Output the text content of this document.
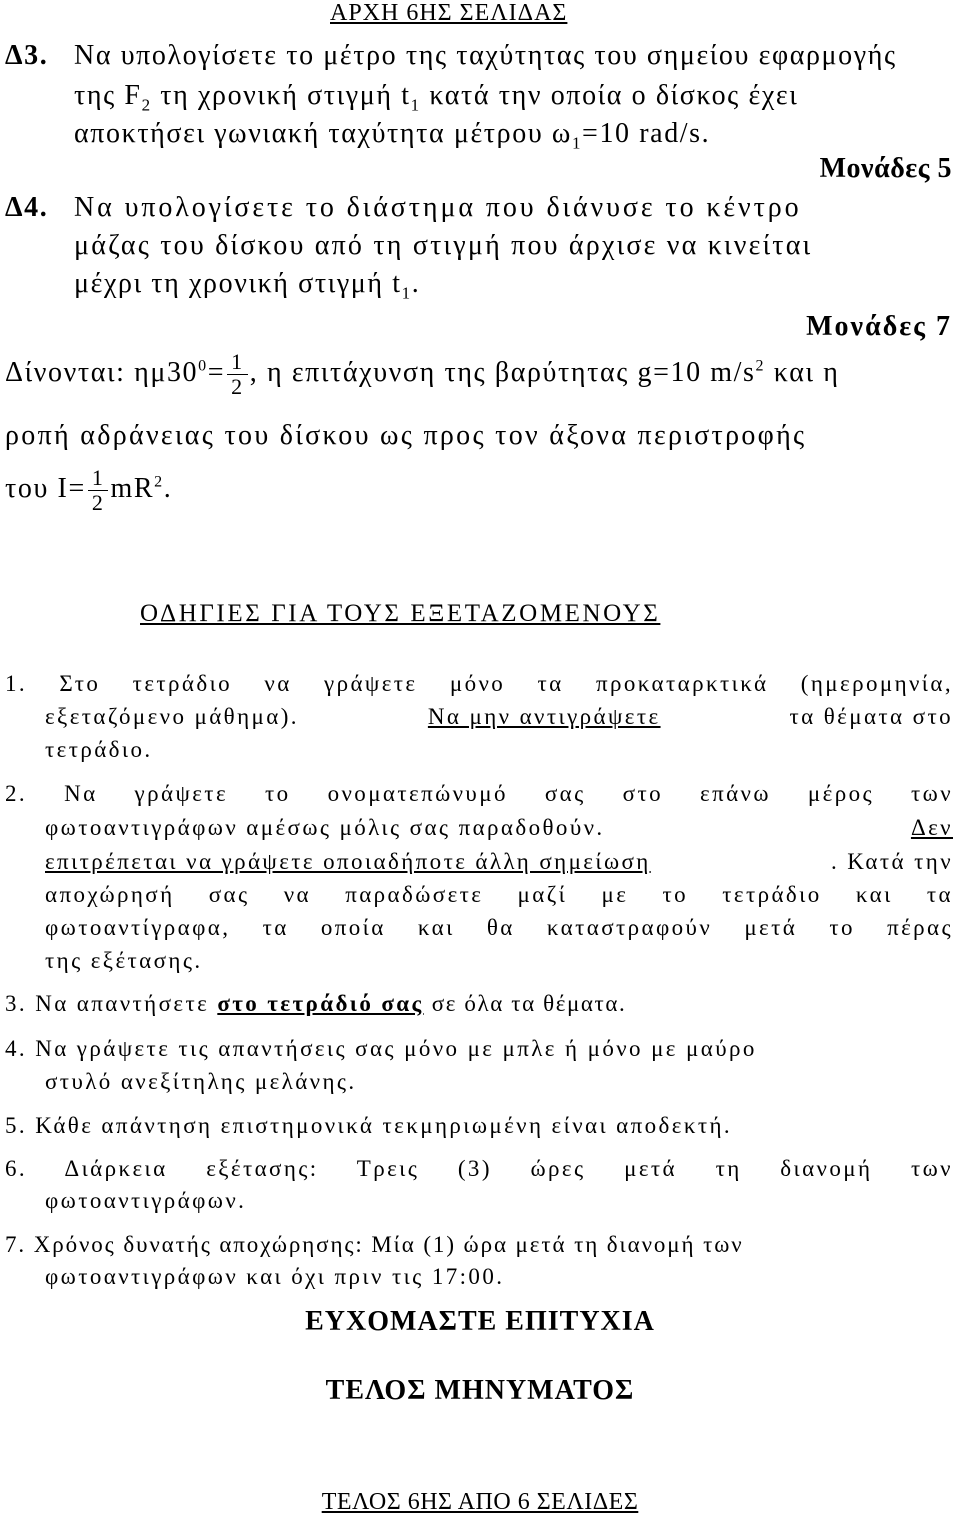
ΑΡΧΗ 6ΗΣ ΣΕΛΙΔΑΣ
Δ3. Να υπολογίσετε το μέτρο της ταχύτητας του σημείου εφαρμογής
της $F_2$ τη χρονική στιγμή $t_1$ κατά την οποία ο δίσκος έχει
αποκτήσει γωνιακή ταχύτητα μέτρου $\omega_1=10$ rad/s.
Μονάδες 5
Δ4. Να υπολογίσετε το διάστημα που διάνυσε το κέντρο
μάζας του δίσκου από τη στιγμή που άρχισε να κινείται
μέχρι τη χρονική στιγμή $t_1$.
Μονάδες 7
Δίνονται: $\eta\mu 30^0= \frac{1}{2}$ , η επιτάχυνση της βαρύτητας g=10 $m/s^2$ και η
ροπή αδράνειας του δίσκου ως προς τον άξονα περιστροφής
του $I= \frac{1}{2} mR^2$.
ΟΔΗΓΙΕΣ ΓΙΑ ΤΟΥΣ ΕΞΕΤΑΖΟΜΕΝΟΥΣ
1. Στο τετράδιο να γράψετε μόνο τα προκαταρκτικά (ημερομηνία,
εξεταζόμενο μάθημα).	Να μην αντιγράψετε	τα θέματα στο
τετράδιο.
2. Να γράψετε το ονοματεπώνυμό σας στο επάνω μέρος των
φωτοαντιγράφων αμέσως μόλις σας παραδοθούν.	Δεν
επιτρέπεται να γράψετε οποιαδήποτε άλλη σημείωση	. Κατά την
αποχώρησή σας να παραδώσετε μαζί με το τετράδιο και τα
φωτοαντίγραφα, τα οποία και θα καταστραφούν μετά το πέρας
της εξέτασης.
3. Να απαντήσετε στο τετράδιό σας σε όλα τα θέματα.
4. Να γράψετε τις απαντήσεις σας μόνο με μπλε ή μόνο με μαύρο
στυλό ανεξίτηλης μελάνης.
5. Κάθε απάντηση επιστημονικά τεκμηριωμένη είναι αποδεκτή.
6. Διάρκεια εξέτασης: Τρεις (3) ώρες μετά τη διανομή των
φωτοαντιγράφων.
7. Χρόνος δυνατής αποχώρησης: Μία (1) ώρα μετά τη διανομή των
φωτοαντιγράφων και όχι πριν τις 17:00.
ΕΥΧΟΜΑΣΤΕ ΕΠΙΤΥΧΙΑ
ΤΕΛΟΣ ΜΗΝΥΜΑΤΟΣ
ΤΕΛΟΣ 6ΗΣ ΑΠΟ 6 ΣΕΛΙΔΕΣ
